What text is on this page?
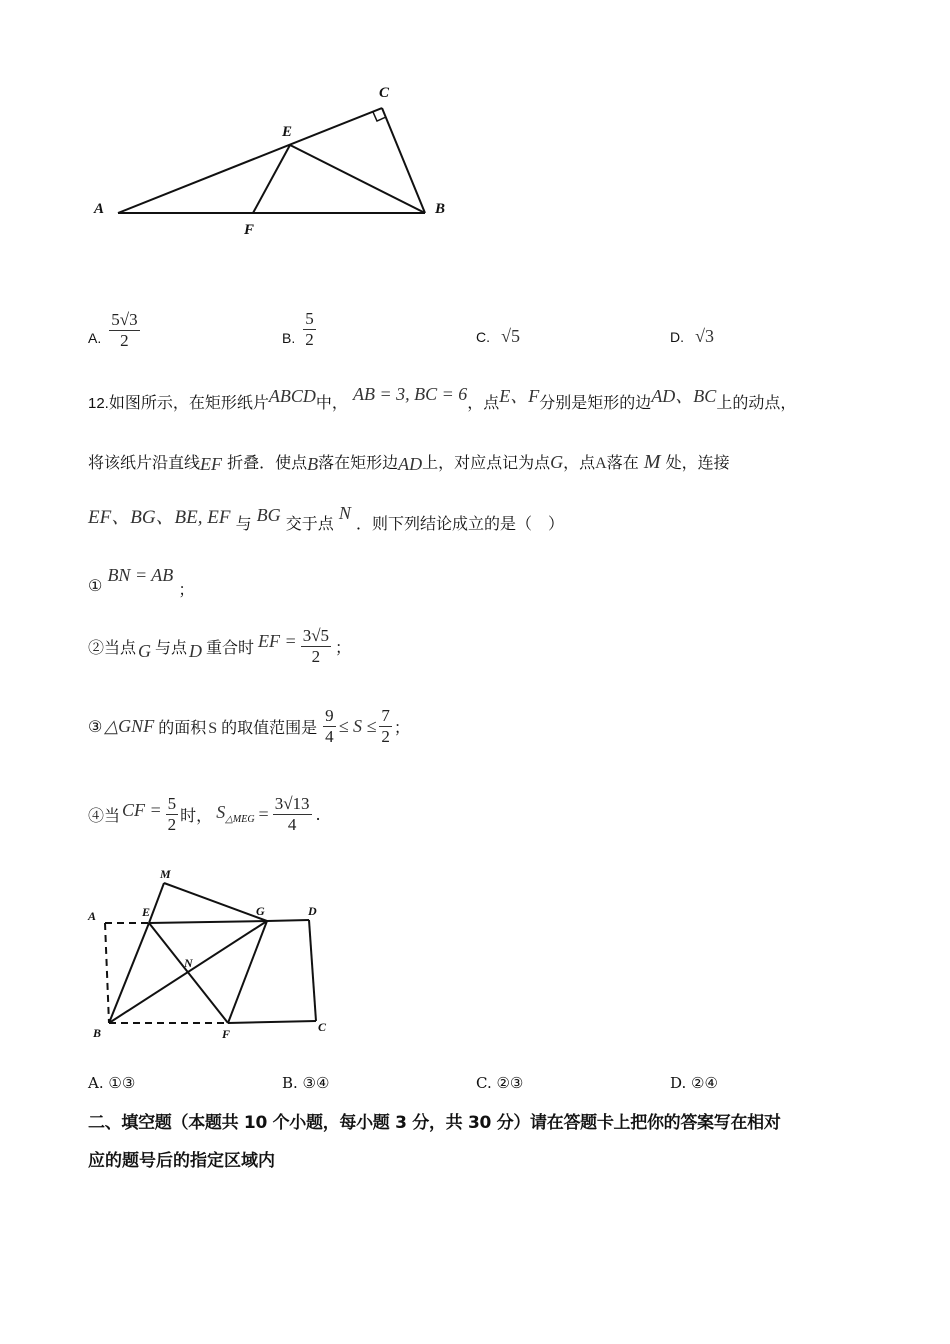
C
E
A	B
F
A. $\frac{5√3}{2}$	B. $\frac{5}{2}$	C. √5	D. √3
12.如图所示，在矩形纸片ABCD中， AB = 3, BC = 6，点E、F分别是矩形的边AD、BC上的动点，
将该纸片沿直线EF 折叠．使点B落在矩形边AD上，对应点记为点G，点A落在 M 处，连接
EF、BG、BE, EF 与 BG 交于点 N ．则下列结论成立的是（　）
① BN = AB ；
②当点 G 与点 D 重合时 EF = $\frac{3√5}{2}$ ；
③ △GNF 的面积 S 的取值范围是 $\frac{9}{4} \le S \le \frac{7}{2}$ ；
④当 CF = $\frac{5}{2}$ 时， S △MEG = $\frac{3√13}{4}$ .
M
A	E	G	D
N
B	F	C
A. ①③	B. ③④	C. ②③	D. ②④
二、填空题（本题共 10 个小题，每小题 3 分，共 30 分）请在答题卡上把你的答案写在相对
应的题号后的指定区域内
